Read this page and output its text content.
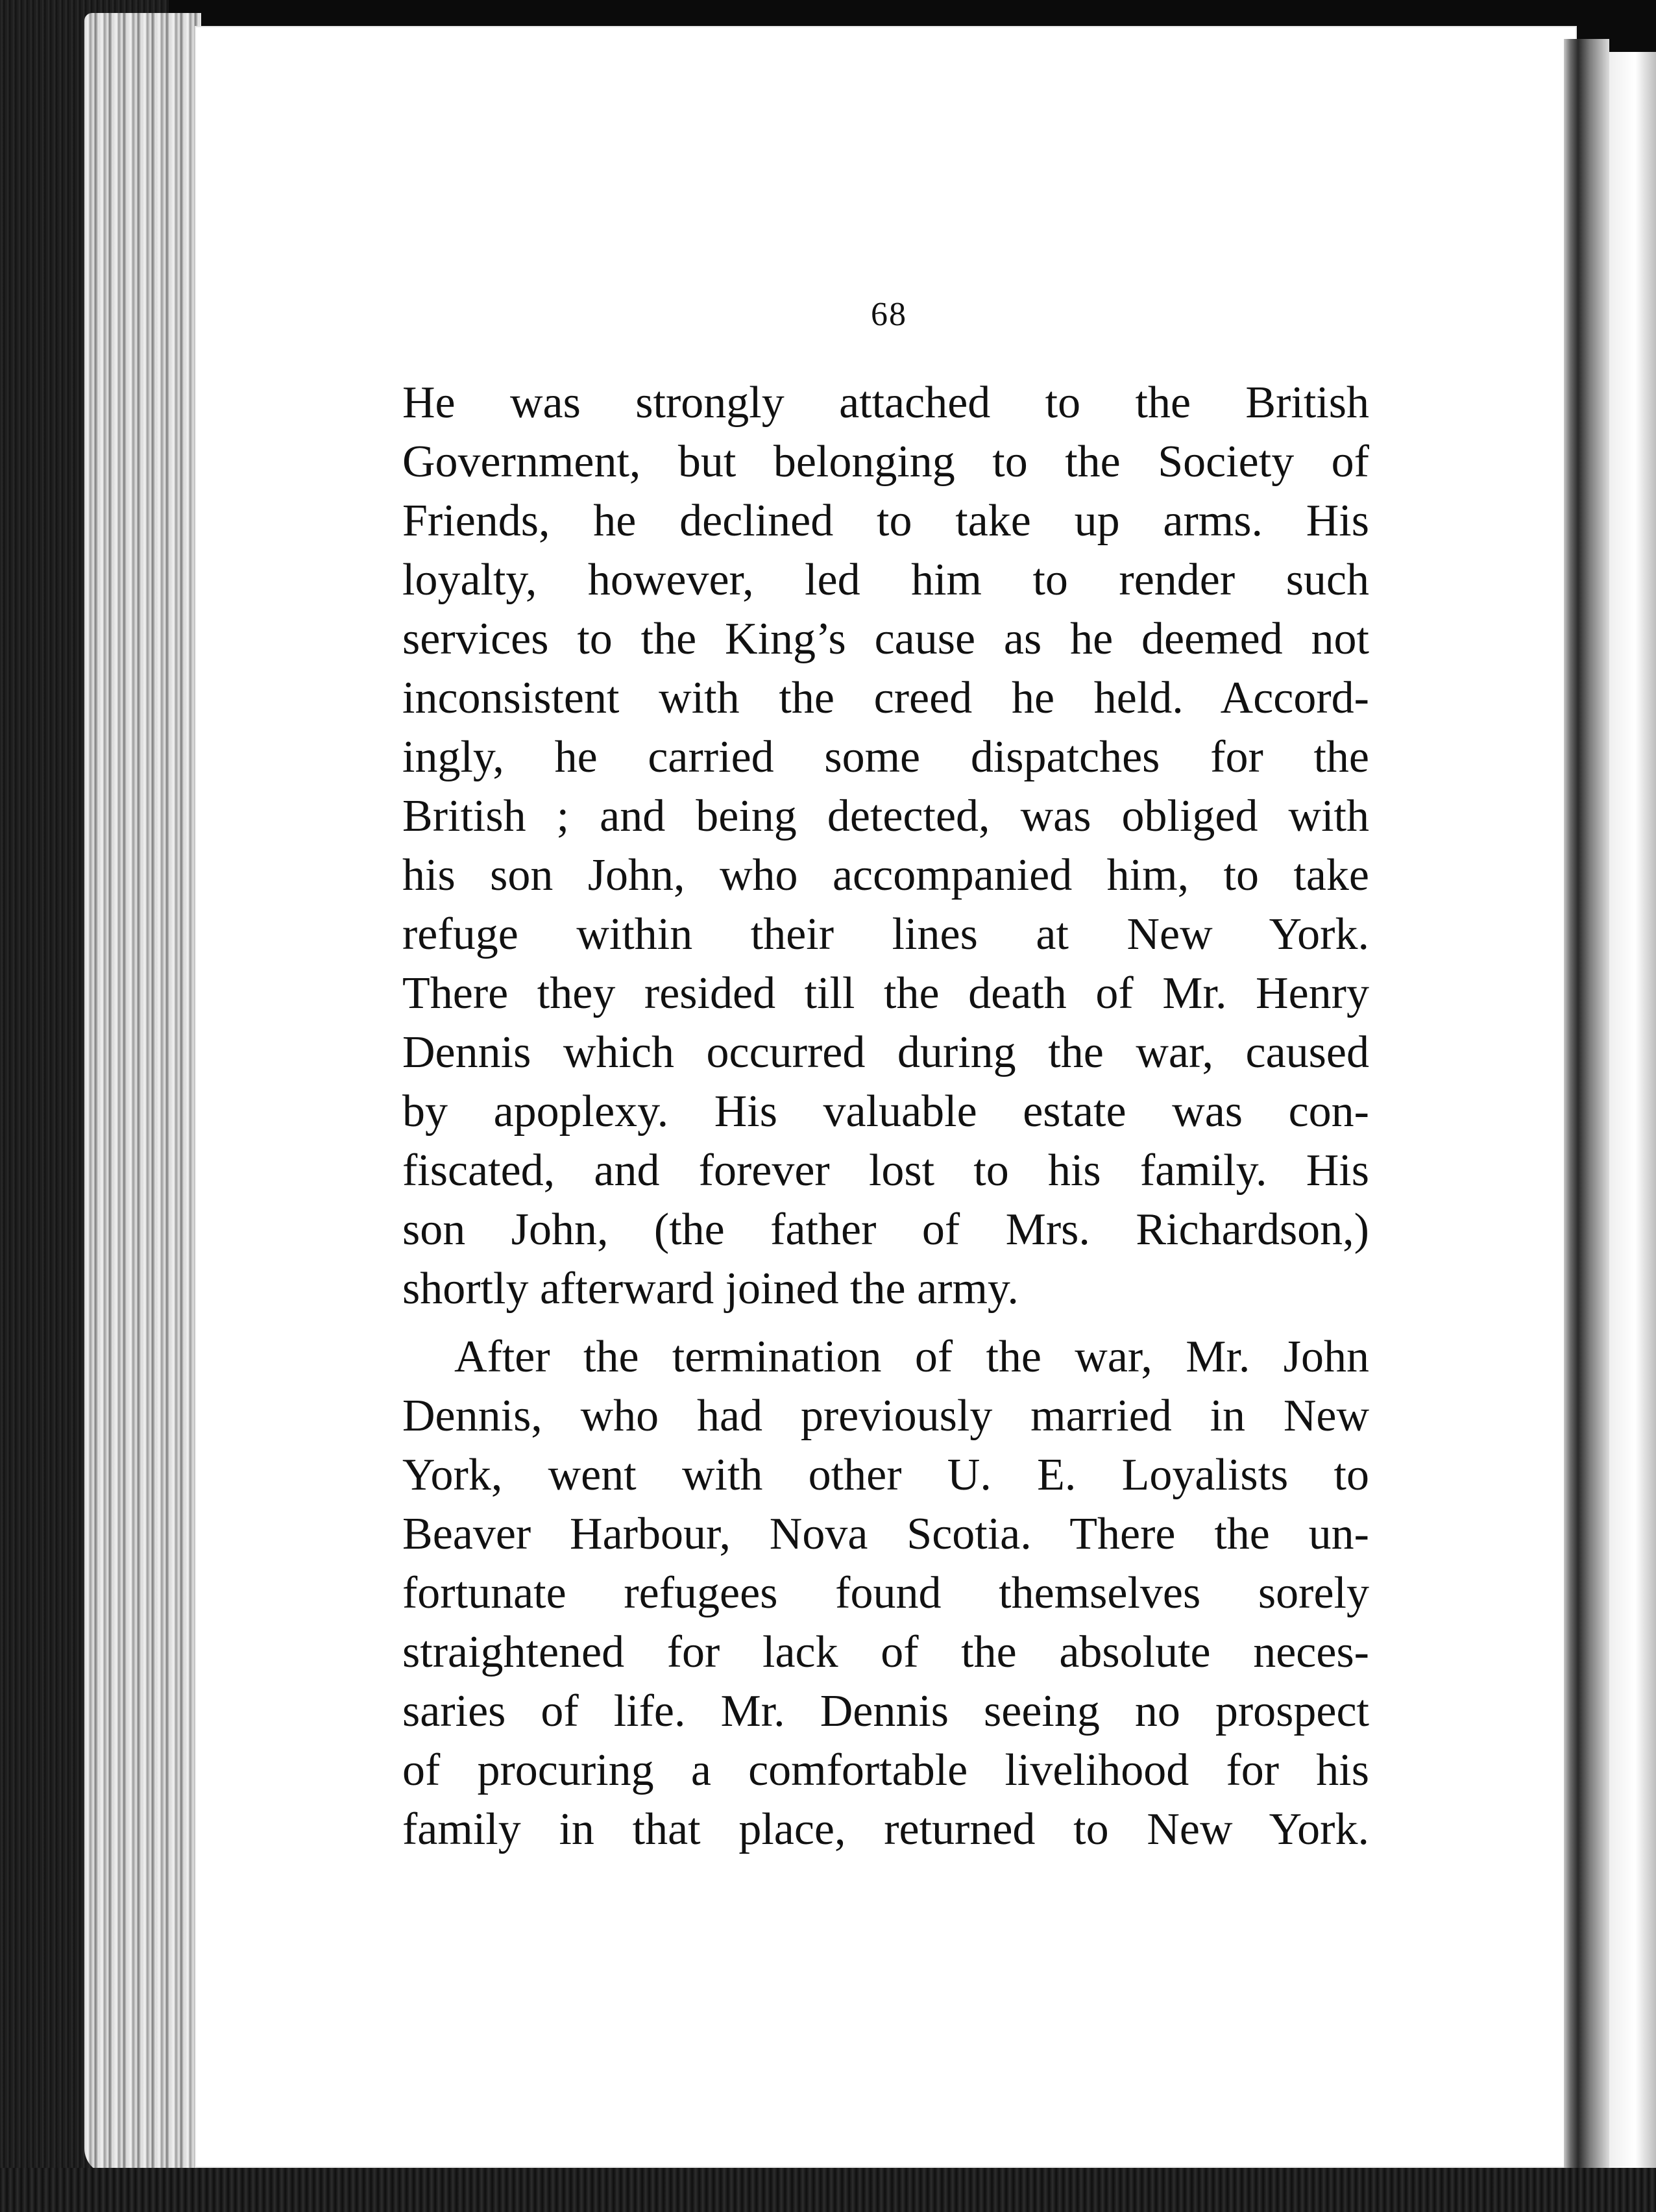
68
He was strongly attached to the British
Government, but belonging to the Society of
Friends, he declined to take up arms. His
loyalty, however, led him to render such
services to the King’s cause as he deemed not
inconsistent with the creed he held. Accord-
ingly, he carried some dispatches for the
British ; and being detected, was obliged with
his son John, who accompanied him, to take
refuge within their lines at New York.
There they resided till the death of Mr. Henry
Dennis which occurred during the war, caused
by apoplexy. His valuable estate was con-
fiscated, and forever lost to his family. His
son John, (the father of Mrs. Richardson,)
shortly afterward joined the army.
After the termination of the war, Mr. John
Dennis, who had previously married in New
York, went with other U. E. Loyalists to
Beaver Harbour, Nova Scotia. There the un-
fortunate refugees found themselves sorely
straightened for lack of the absolute neces-
saries of life. Mr. Dennis seeing no prospect
of procuring a comfortable livelihood for his
family in that place, returned to New York.
